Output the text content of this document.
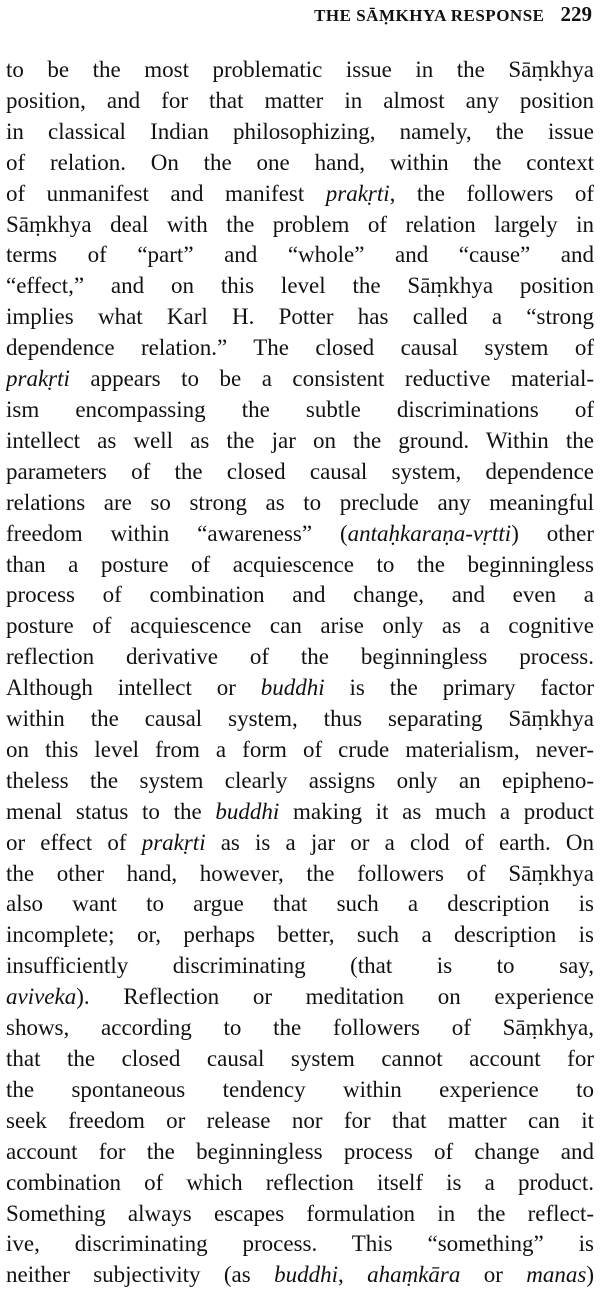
THE SĀṂKHYA RESPONSE 229
to be the most problematic issue in the Sāṃkhya
position, and for that matter in almost any position
in classical Indian philosophizing, namely, the issue
of relation. On the one hand, within the context
of unmanifest and manifest prakṛti, the followers of
Sāṃkhya deal with the problem of relation largely in
terms of “part” and “whole” and “cause” and
“effect,” and on this level the Sāṃkhya position
implies what Karl H. Potter has called a “strong
dependence relation.” The closed causal system of
prakṛti appears to be a consistent reductive material-
ism encompassing the subtle discriminations of
intellect as well as the jar on the ground. Within the
parameters of the closed causal system, dependence
relations are so strong as to preclude any meaningful
freedom within “awareness” (antaḥkaraṇa-vṛtti) other
than a posture of acquiescence to the beginningless
process of combination and change, and even a
posture of acquiescence can arise only as a cognitive
reflection derivative of the beginningless process.
Although intellect or buddhi is the primary factor
within the causal system, thus separating Sāṃkhya
on this level from a form of crude materialism, never-
theless the system clearly assigns only an epipheno-
menal status to the buddhi making it as much a product
or effect of prakṛti as is a jar or a clod of earth. On
the other hand, however, the followers of Sāṃkhya
also want to argue that such a description is
incomplete; or, perhaps better, such a description is
insufficiently discriminating (that is to say,
aviveka). Reflection or meditation on experience
shows, according to the followers of Sāṃkhya,
that the closed causal system cannot account for
the spontaneous tendency within experience to
seek freedom or release nor for that matter can it
account for the beginningless process of change and
combination of which reflection itself is a product.
Something always escapes formulation in the reflect-
ive, discriminating process. This “something” is
neither subjectivity (as buddhi, ahaṃkāra or manas)
